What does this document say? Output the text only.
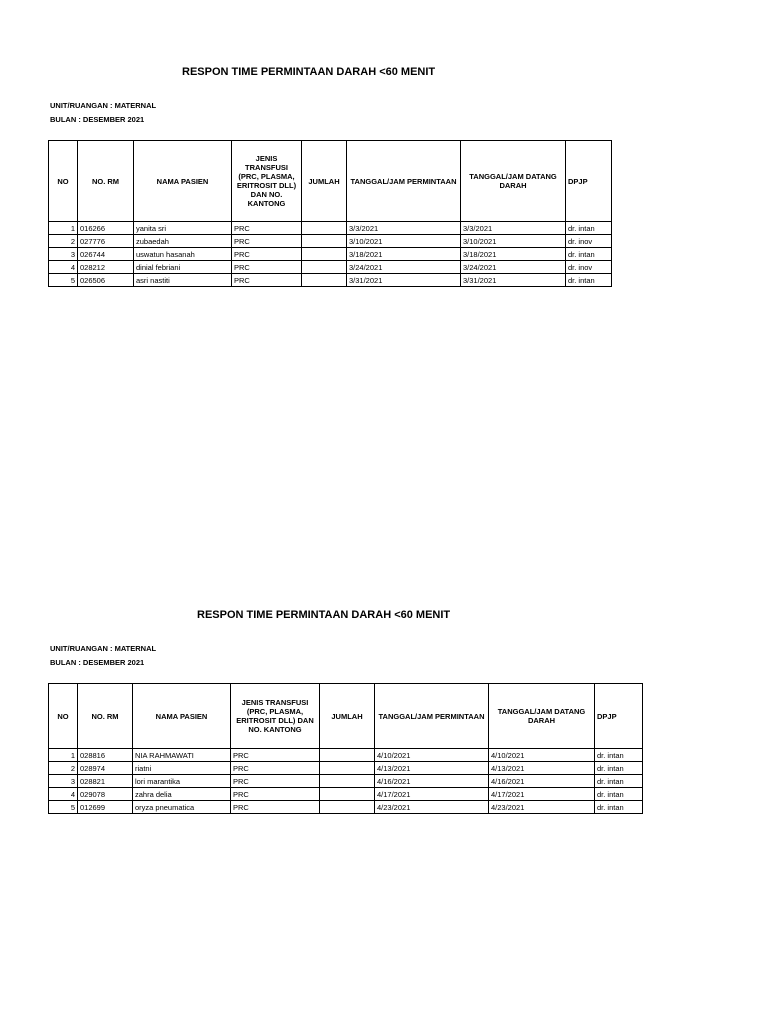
RESPON TIME PERMINTAAN DARAH <60 MENIT
UNIT/RUANGAN : MATERNAL
BULAN : DESEMBER 2021
NO	NO. RM	NAMA PASIEN	JENIS TRANSFUSI (PRC, PLASMA, ERITROSIT DLL) DAN NO. KANTONG	JUMLAH	TANGGAL/JAM PERMINTAAN	TANGGAL/JAM DATANG DARAH	DPJP
1	016266	yanita sri	PRC		3/3/2021	3/3/2021	dr. intan
2	027776	zubaedah	PRC		3/10/2021	3/10/2021	dr. inov
3	026744	uswatun hasanah	PRC		3/18/2021	3/18/2021	dr. intan
4	028212	dinial febriani	PRC		3/24/2021	3/24/2021	dr. inov
5	026506	asri nastiti	PRC		3/31/2021	3/31/2021	dr. intan
RESPON TIME PERMINTAAN DARAH <60 MENIT
UNIT/RUANGAN : MATERNAL
BULAN : DESEMBER 2021
NO	NO. RM	NAMA PASIEN	JENIS TRANSFUSI (PRC, PLASMA, ERITROSIT DLL) DAN NO. KANTONG	JUMLAH	TANGGAL/JAM PERMINTAAN	TANGGAL/JAM DATANG DARAH	DPJP
1	028816	NIA RAHMAWATI	PRC		4/10/2021	4/10/2021	dr. intan
2	028974	riatni	PRC		4/13/2021	4/13/2021	dr. intan
3	028821	lori marantika	PRC		4/16/2021	4/16/2021	dr. intan
4	029078	zahra delia	PRC		4/17/2021	4/17/2021	dr. intan
5	012699	oryza pneumatica	PRC		4/23/2021	4/23/2021	dr. intan
